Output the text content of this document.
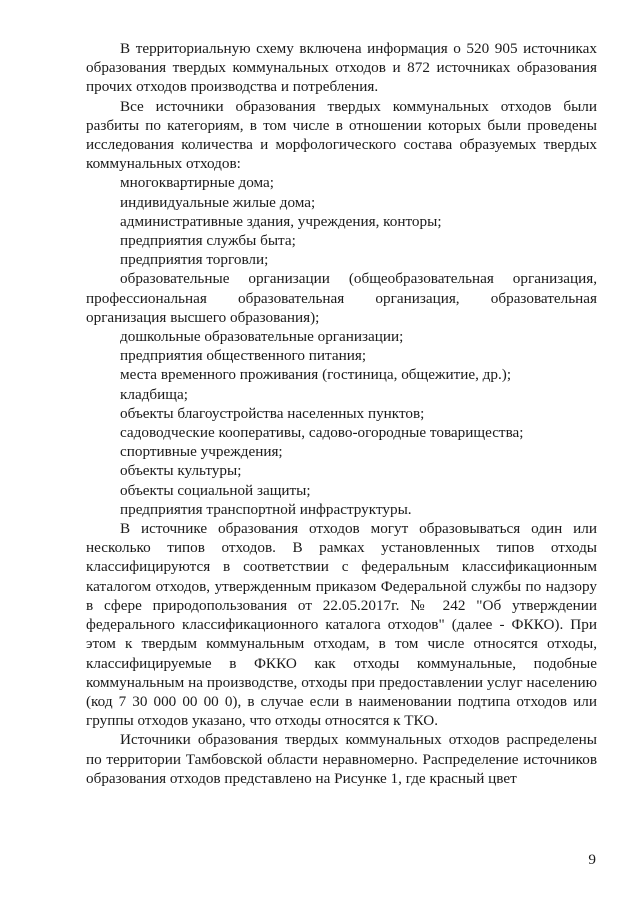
В территориальную схему включена информация о 520 905 источниках образования твердых коммунальных отходов и 872 источниках образования прочих отходов производства и потребления.

Все источники образования твердых коммунальных отходов были разбиты по категориям, в том числе в отношении которых были проведены исследования количества и морфологического состава образуемых твердых коммунальных отходов:

многоквартирные дома;
индивидуальные жилые дома;
административные здания, учреждения, конторы;
предприятия службы быта;
предприятия торговли;
образовательные организации (общеобразовательная организация, профессиональная образовательная организация, образовательная организация высшего образования);
дошкольные образовательные организации;
предприятия общественного питания;
места временного проживания (гостиница, общежитие, др.);
кладбища;
объекты благоустройства населенных пунктов;
садоводческие кооперативы, садово-огородные товарищества;
спортивные учреждения;
объекты культуры;
объекты социальной защиты;
предприятия транспортной инфраструктуры.

В источнике образования отходов могут образовываться один или несколько типов отходов. В рамках установленных типов отходы классифицируются в соответствии с федеральным классификационным каталогом отходов, утвержденным приказом Федеральной службы по надзору в сфере природопользования от 22.05.2017г. № 242 "Об утверждении федерального классификационного каталога отходов" (далее - ФККО). При этом к твердым коммунальным отходам, в том числе относятся отходы, классифицируемые в ФККО как отходы коммунальные, подобные коммунальным на производстве, отходы при предоставлении услуг населению (код 7 30 000 00 00 0), в случае если в наименовании подтипа отходов или группы отходов указано, что отходы относятся к ТКО.

Источники образования твердых коммунальных отходов распределены по территории Тамбовской области неравномерно. Распределение источников образования отходов представлено на Рисунке 1, где красный цвет

9
